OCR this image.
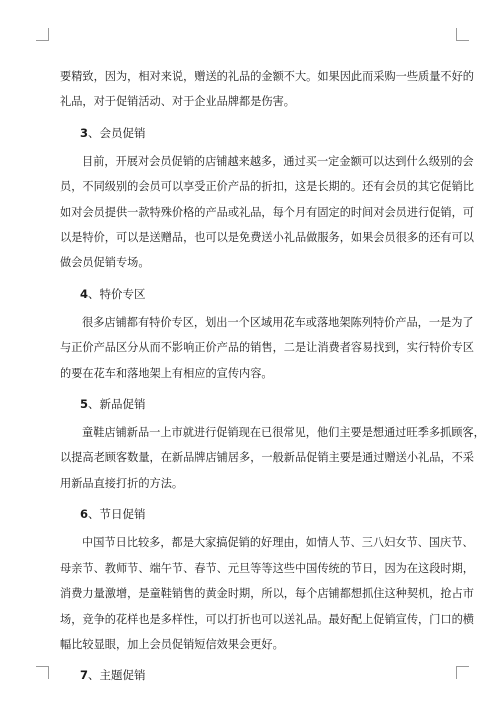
要精致，因为，相对来说，赠送的礼品的金额不大。如果因此而采购一些质量不好的

礼品，对于促销活动、对于企业品牌都是伤害。

3、会员促销

目前，开展对会员促销的店铺越来越多，通过买一定金额可以达到什么级别的会

员，不同级别的会员可以享受正价产品的折扣，这是长期的。还有会员的其它促销比

如对会员提供一款特殊价格的产品或礼品，每个月有固定的时间对会员进行促销，可

以是特价，可以是送赠品，也可以是免费送小礼品做服务，如果会员很多的还有可以

做会员促销专场。

4、特价专区

很多店铺都有特价专区，划出一个区域用花车或落地架陈列特价产品，一是为了

与正价产品区分从而不影响正价产品的销售，二是让消费者容易找到，实行特价专区

的要在花车和落地架上有相应的宣传内容。

5、新品促销

童鞋店铺新品一上市就进行促销现在已很常见，他们主要是想通过旺季多抓顾客，

以提高老顾客数量，在新品牌店铺居多，一般新品促销主要是通过赠送小礼品，不采

用新品直接打折的方法。

6、节日促销

中国节日比较多，都是大家搞促销的好理由，如情人节、三八妇女节、国庆节、

母亲节、教师节、端午节、春节、元旦等等这些中国传统的节日，因为在这段时期，

消费力量激增，是童鞋销售的黄金时期，所以，每个店铺都想抓住这种契机，抢占市

场，竞争的花样也是多样性，可以打折也可以送礼品。最好配上促销宣传，门口的横

幅比较显眼，加上会员促销短信效果会更好。

7、主题促销
